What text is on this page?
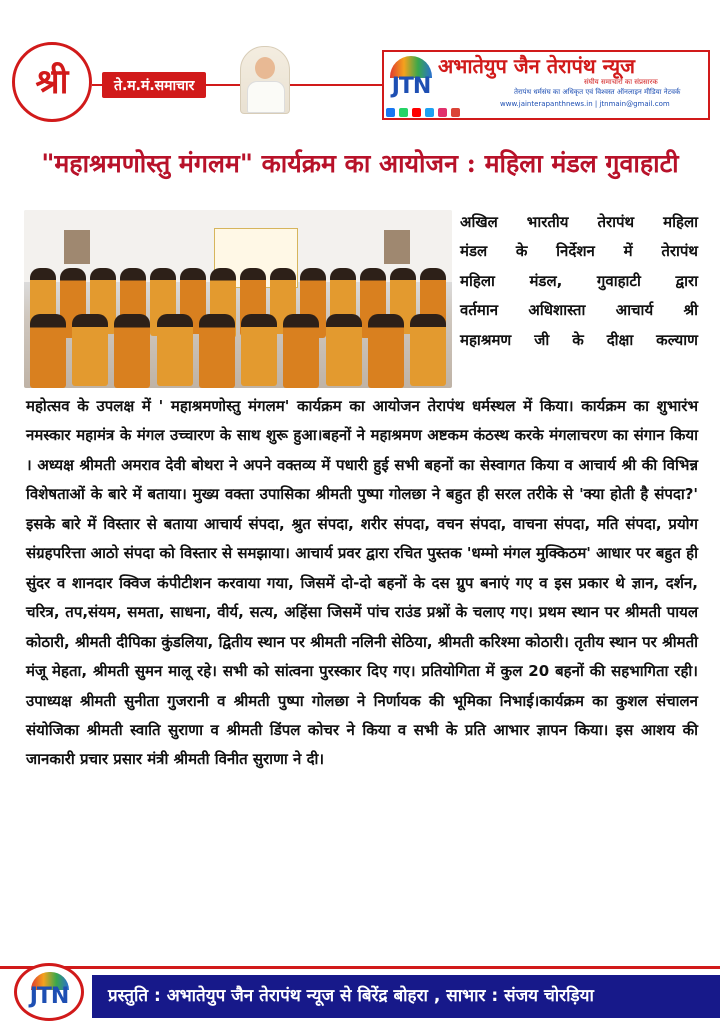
श्री	ते.म.मं.समाचार	JTN
अभातेयुप जैन तेरापंथ न्यूज
संघीय समाचारों का संप्रसारक
तेरापंथ धर्मसंघ का अधिकृत एवं विश्वस्त ऑनलाइन मीडिया नेटवर्क
www.jainterapanthnews.in | jtnmain@gmail.com
"महाश्रमणोस्तु मंगलम" कार्यक्रम का आयोजन : महिला मंडल गुवाहाटी

अखिल भारतीय तेरापंथ महिला

मंडल के निर्देशन में तेरापंथ

महिला मंडल, गुवाहाटी द्वारा

वर्तमान अधिशास्ता आचार्य श्री

महाश्रमण जी के दीक्षा कल्याण

महोत्सव के उपलक्ष में ' महाश्रमणोस्तु मंगलम' कार्यक्रम का आयोजन तेरापंथ धर्मस्थल में किया। कार्यक्रम का शुभारंभ नमस्कार महामंत्र के मंगल उच्चारण के साथ शुरू हुआ।बहनों ने महाश्रमण अष्टकम कंठस्थ करके मंगलाचरण का संगान किया । अध्यक्ष श्रीमती अमराव देवी बोथरा ने अपने वक्तव्य में पधारी हुई सभी बहनों का सेस्वागत किया व आचार्य श्री की विभिन्न विशेषताओं के बारे में बताया। मुख्य वक्ता उपासिका श्रीमती पुष्पा गोलछा ने बहुत ही सरल तरीके से 'क्या होती है संपदा?' इसके बारे में विस्तार से बताया आचार्य संपदा, श्रुत संपदा, शरीर संपदा, वचन संपदा, वाचना संपदा, मति संपदा, प्रयोग संग्रहपरित्ता आठो संपदा को विस्तार से समझाया। आचार्य प्रवर द्वारा रचित पुस्तक 'धम्मो मंगल मुक्किठम' आधार पर बहुत ही सुंदर व शानदार क्विज कंपीटीशन करवाया गया, जिसमें दो-दो बहनों के दस ग्रुप बनाएं गए व इस प्रकार थे ज्ञान, दर्शन, चरित्र, तप,संयम, समता, साधना, वीर्य, सत्य, अहिंसा जिसमें पांच राउंड प्रश्नों के चलाए गए। प्रथम स्थान पर श्रीमती पायल कोठारी, श्रीमती दीपिका कुंडलिया, द्वितीय स्थान पर श्रीमती नलिनी सेठिया, श्रीमती करिश्मा कोठारी। तृतीय स्थान पर श्रीमती मंजू मेहता, श्रीमती सुमन मालू रहे। सभी को सांत्वना पुरस्कार दिए गए। प्रतियोगिता में कुल 20 बहनों की सहभागिता रही।उपाध्यक्ष श्रीमती सुनीता गुजरानी व श्रीमती पुष्पा गोलछा ने निर्णायक की भूमिका निभाई।कार्यक्रम का कुशल संचालन संयोजिका श्रीमती स्वाति सुराणा व श्रीमती डिंपल कोचर ने किया व सभी के प्रति आभार ज्ञापन किया। इस आशय की जानकारी प्रचार प्रसार मंत्री श्रीमती विनीत सुराणा ने दी।

प्रस्तुति : अभातेयुप जैन तेरापंथ न्यूज से बिरेंद्र बोहरा , साभार : संजय चोरड़िया
JTN
